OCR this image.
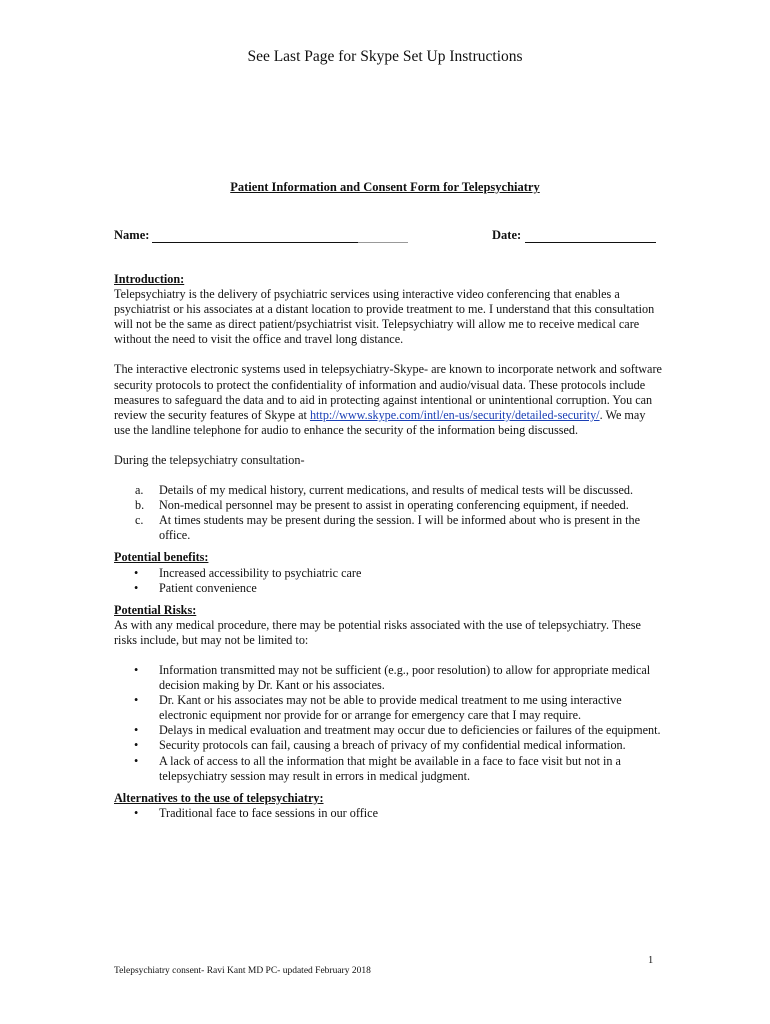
See Last Page for Skype Set Up Instructions
Patient Information and Consent Form for Telepsychiatry
Name:	Date:

Introduction:

Telepsychiatry is the delivery of psychiatric services using interactive video conferencing that enables a psychiatrist or his associates at a distant location to provide treatment to me. I understand that this consultation will not be the same as direct patient/psychiatrist visit. Telepsychiatry will allow me to receive medical care without the need to visit the office and travel long distance.

The interactive electronic systems used in telepsychiatry-Skype- are known to incorporate network and software security protocols to protect the confidentiality of information and audio/visual data. These protocols include measures to safeguard the data and to aid in protecting against intentional or unintentional corruption. You can review the security features of Skype at http://www.skype.com/intl/en-us/security/detailed-security/. We may use the landline telephone for audio to enhance the security of the information being discussed.

During the telepsychiatry consultation-

a. Details of my medical history, current medications, and results of medical tests will be discussed.
b. Non-medical personnel may be present to assist in operating conferencing equipment, if needed.
c. At times students may be present during the session. I will be informed about who is present in the office.

Potential benefits:

• Increased accessibility to psychiatric care
• Patient convenience

Potential Risks:

As with any medical procedure, there may be potential risks associated with the use of telepsychiatry. These risks include, but may not be limited to:

• Information transmitted may not be sufficient (e.g., poor resolution) to allow for appropriate medical decision making by Dr. Kant or his associates.
• Dr. Kant or his associates may not be able to provide medical treatment to me using interactive electronic equipment nor provide for or arrange for emergency care that I may require.
• Delays in medical evaluation and treatment may occur due to deficiencies or failures of the equipment.
• Security protocols can fail, causing a breach of privacy of my confidential medical information.
• A lack of access to all the information that might be available in a face to face visit but not in a telepsychiatry session may result in errors in medical judgment.

Alternatives to the use of telepsychiatry:

• Traditional face to face sessions in our office
1
Telepsychiatry consent- Ravi Kant MD PC- updated February 2018
